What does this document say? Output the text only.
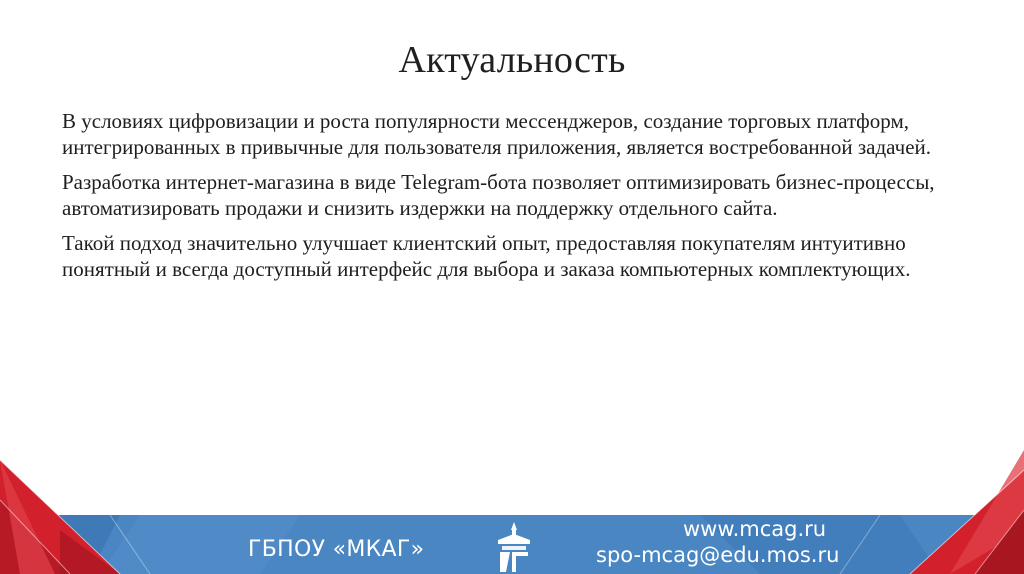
Актуальность

В условиях цифровизации и роста популярности мессенджеров, создание торговых платформ, интегрированных в привычные для пользователя приложения, является востребованной задачей.

Разработка интернет-магазина в виде Telegram-бота позволяет оптимизировать бизнес-процессы, автоматизировать продажи и снизить издержки на поддержку отдельного сайта.

Такой подход значительно улучшает клиентский опыт, предоставляя покупателям интуитивно понятный и всегда доступный интерфейс для выбора и заказа компьютерных комплектующих.

ГБПОУ «МКАГ»
www.mcag.ru
spo-mcag@edu.mos.ru
